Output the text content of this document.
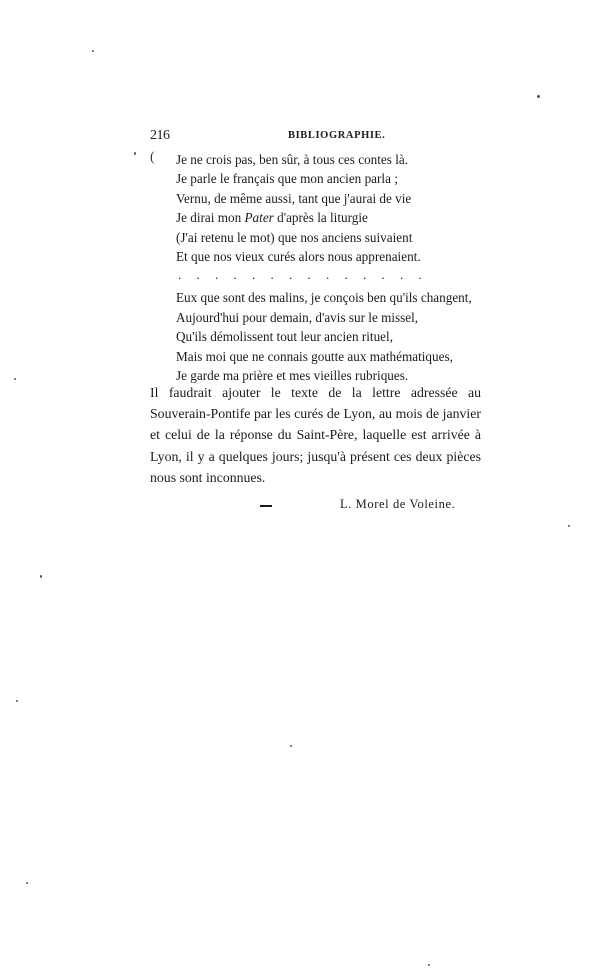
216	BIBLIOGRAPHIE.
( Je ne crois pas, ben sûr, à tous ces contes là.
Je parle le français que mon ancien parla ;
Vernu, de même aussi, tant que j'aurai de vie
Je dirai mon Pater d'après la liturgie
(J'ai retenu le mot) que nos anciens suivaient
Et que nos vieux curés alors nous apprenaient.
. . . . . . . . . . . . . .
Eux que sont des malins, je conçois ben qu'ils changent,
Aujourd'hui pour demain, d'avis sur le missel,
Qu'ils démolissent tout leur ancien rituel,
Mais moi que ne connais goutte aux mathématiques,
Je garde ma prière et mes vieilles rubriques.

Il faudrait ajouter le texte de la lettre adressée au Souverain-Pontife par les curés de Lyon, au mois de janvier et celui de la réponse du Saint-Père, laquelle est arrivée à Lyon, il y a quelques jours; jusqu'à présent ces deux pièces nous sont inconnues.

L. Morel de Voleine.
